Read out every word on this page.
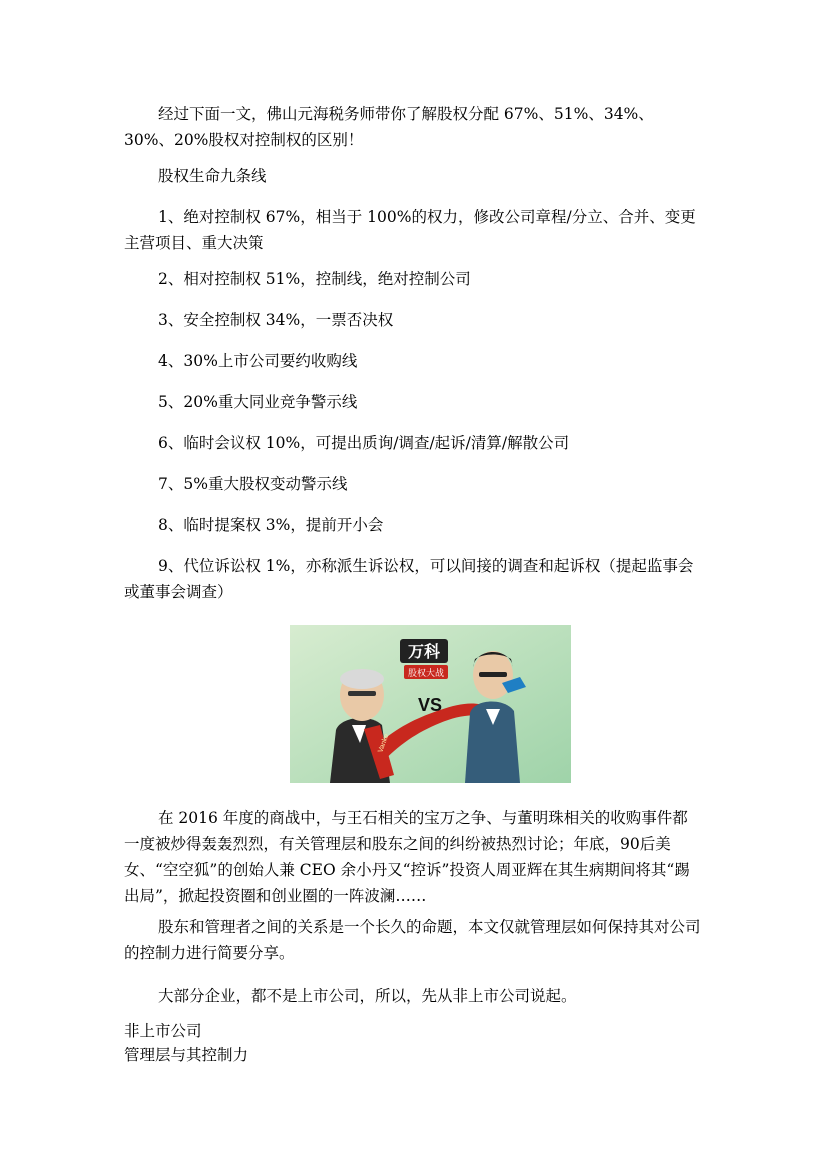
经过下面一文，佛山元海税务师带你了解股权分配 67%、51%、34%、30%、20%股权对控制权的区别！

股权生命九条线

1、绝对控制权 67%，相当于 100%的权力，修改公司章程/分立、合并、变更主营项目、重大决策

2、相对控制权 51%，控制线，绝对控制公司

3、安全控制权 34%，一票否决权

4、30%上市公司要约收购线

5、20%重大同业竞争警示线

6、临时会议权 10%，可提出质询/调查/起诉/清算/解散公司

7、5%重大股权变动警示线

8、临时提案权 3%，提前开小会

9、代位诉讼权 1%，亦称派生诉讼权，可以间接的调查和起诉权（提起监事会或董事会调查）

万科
股权大战
VS
Vanke

在 2016 年度的商战中，与王石相关的宝万之争、与董明珠相关的收购事件都一度被炒得轰轰烈烈，有关管理层和股东之间的纠纷被热烈讨论；年底，90后美女、“空空狐”的创始人兼 CEO 余小丹又“控诉”投资人周亚辉在其生病期间将其“踢出局”，掀起投资圈和创业圈的一阵波澜……

股东和管理者之间的关系是一个长久的命题，本文仅就管理层如何保持其对公司的控制力进行简要分享。

大部分企业，都不是上市公司，所以，先从非上市公司说起。

非上市公司
管理层与其控制力
